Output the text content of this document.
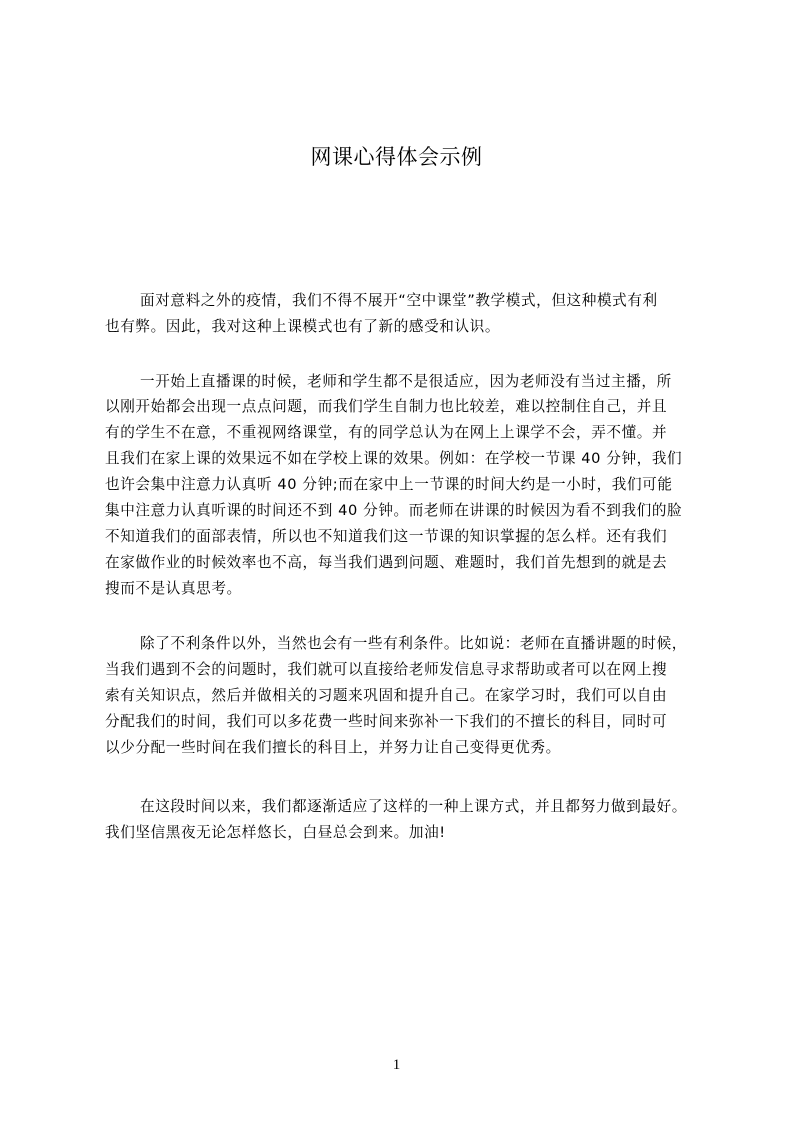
网课心得体会示例
面对意料之外的疫情，我们不得不展开“空中课堂”教学模式，但这种模式有利
也有弊。因此，我对这种上课模式也有了新的感受和认识。
一开始上直播课的时候，老师和学生都不是很适应，因为老师没有当过主播，所
以刚开始都会出现一点点问题，而我们学生自制力也比较差，难以控制住自己，并且
有的学生不在意，不重视网络课堂，有的同学总认为在网上上课学不会，弄不懂。并
且我们在家上课的效果远不如在学校上课的效果。例如：在学校一节课 40 分钟，我们
也许会集中注意力认真听 40 分钟;而在家中上一节课的时间大约是一小时，我们可能
集中注意力认真听课的时间还不到 40 分钟。而老师在讲课的时候因为看不到我们的脸
不知道我们的面部表情，所以也不知道我们这一节课的知识掌握的怎么样。还有我们
在家做作业的时候效率也不高，每当我们遇到问题、难题时，我们首先想到的就是去
搜而不是认真思考。
除了不利条件以外，当然也会有一些有利条件。比如说：老师在直播讲题的时候，
当我们遇到不会的问题时，我们就可以直接给老师发信息寻求帮助或者可以在网上搜
索有关知识点，然后并做相关的习题来巩固和提升自己。在家学习时，我们可以自由
分配我们的时间，我们可以多花费一些时间来弥补一下我们的不擅长的科目，同时可
以少分配一些时间在我们擅长的科目上，并努力让自己变得更优秀。
在这段时间以来，我们都逐渐适应了这样的一种上课方式，并且都努力做到最好。
我们坚信黑夜无论怎样悠长，白昼总会到来。加油!
1
